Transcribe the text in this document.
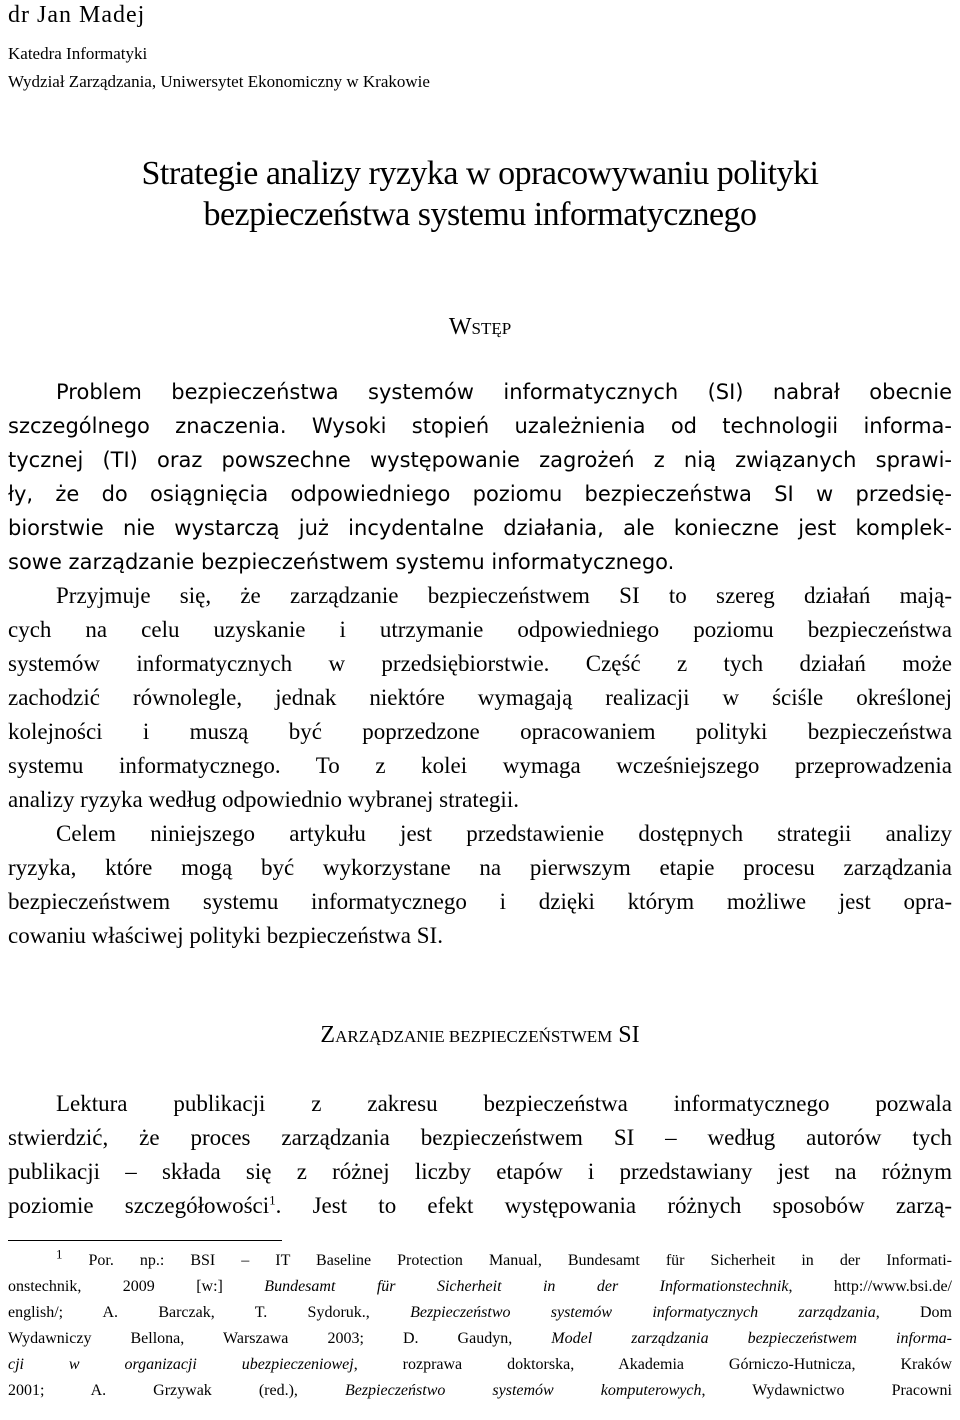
dr Jan Madej
Katedra Informatyki
Wydział Zarządzania, Uniwersytet Ekonomiczny w Krakowie
Strategie analizy ryzyka w opracowywaniu polityki
bezpieczeństwa systemu informatycznego
WSTĘP
Problem bezpieczeństwa systemów informatycznych (SI) nabrał obecnie
szczególnego znaczenia. Wysoki stopień uzależnienia od technologii informa-
tycznej (TI) oraz powszechne występowanie zagrożeń z nią związanych sprawi-
ły, że do osiągnięcia odpowiedniego poziomu bezpieczeństwa SI w przedsię-
biorstwie nie wystarczą już incydentalne działania, ale konieczne jest komplek-
sowe zarządzanie bezpieczeństwem systemu informatycznego.
Przyjmuje się, że zarządzanie bezpieczeństwem SI to szereg działań mają-
cych na celu uzyskanie i utrzymanie odpowiedniego poziomu bezpieczeństwa
systemów informatycznych w przedsiębiorstwie. Część z tych działań może
zachodzić równolegle, jednak niektóre wymagają realizacji w ściśle określonej
kolejności i muszą być poprzedzone opracowaniem polityki bezpieczeństwa
systemu informatycznego. To z kolei wymaga wcześniejszego przeprowadzenia
analizy ryzyka według odpowiednio wybranej strategii.
Celem niniejszego artykułu jest przedstawienie dostępnych strategii analizy
ryzyka, które mogą być wykorzystane na pierwszym etapie procesu zarządzania
bezpieczeństwem systemu informatycznego i dzięki którym możliwe jest opra-
cowaniu właściwej polityki bezpieczeństwa SI.
ZARZĄDZANIE BEZPIECZEŃSTWEM SI
Lektura publikacji z zakresu bezpieczeństwa informatycznego pozwala
stwierdzić, że proces zarządzania bezpieczeństwem SI – według autorów tych
publikacji – składa się z różnej liczby etapów i przedstawiany jest na różnym
poziomie szczegółowości$^1$. Jest to efekt występowania różnych sposobów zarzą-
$^1$ Por. np.: BSI – IT Baseline Protection Manual, Bundesamt für Sicherheit in der Informati-
onstechnik, 2009 [w:] Bundesamt für Sicherheit in der Informationstechnik, http://www.bsi.de/
english/; A. Barczak, T. Sydoruk., Bezpieczeństwo systemów informatycznych zarządzania, Dom
Wydawniczy Bellona, Warszawa 2003; D. Gaudyn, Model zarządzania bezpieczeństwem informa-
cji w organizacji ubezpieczeniowej, rozprawa doktorska, Akademia Górniczo-Hutnicza, Kraków
2001; A. Grzywak (red.), Bezpieczeństwo systemów komputerowych, Wydawnictwo Pracowni
